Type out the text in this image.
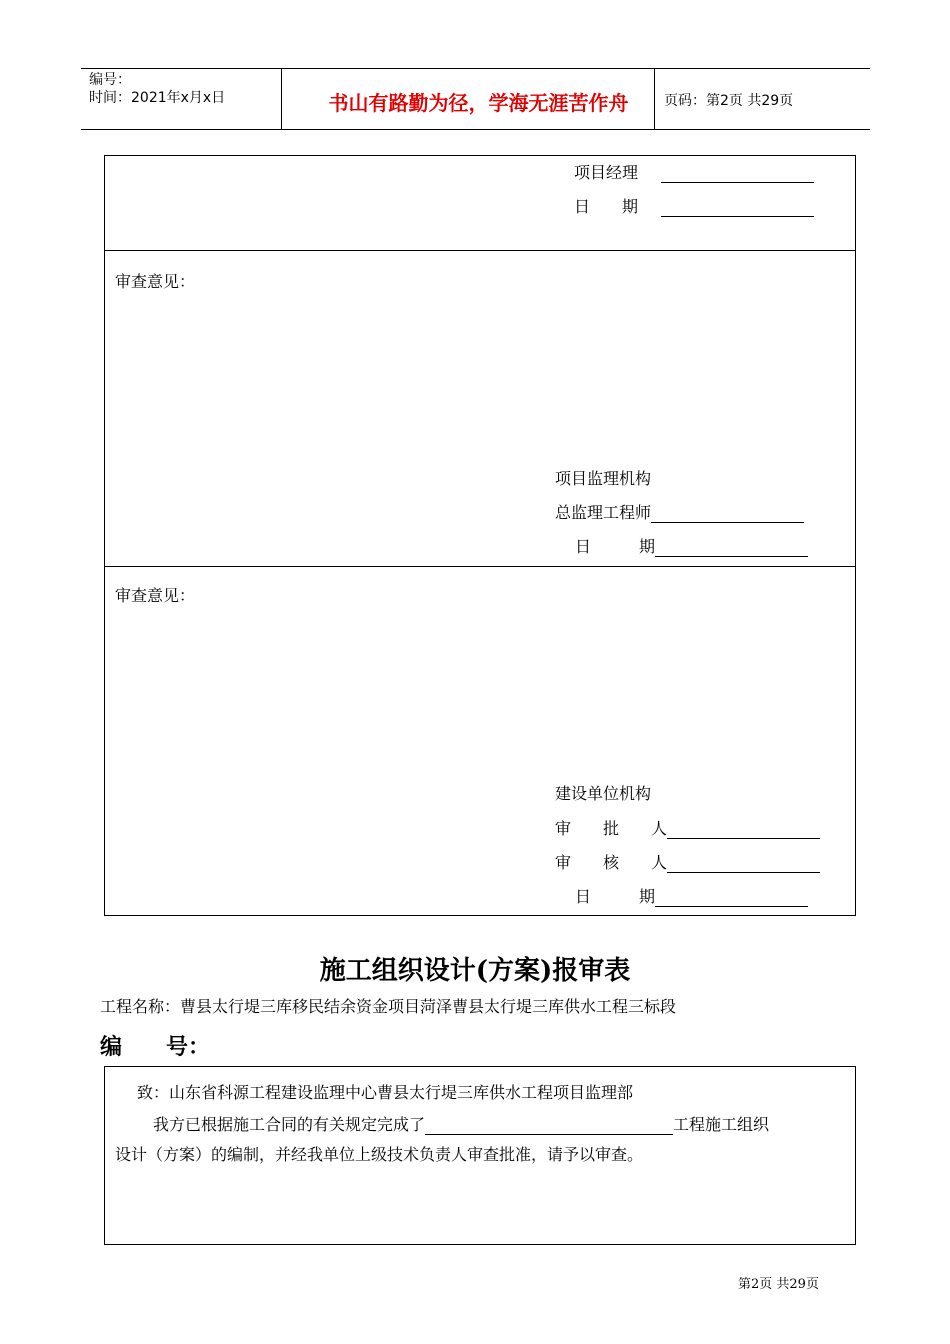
编号：
时间：2021年x月x日	书山有路勤为径，学海无涯苦作舟	页码：第2页 共29页
项目经理
日　　期
审查意见：
项目监理机构
总监理工程师
日　　　期
审查意见：
建设单位机构
审　　批　　人
审　　核　　人
日　　　期
施工组织设计(方案)报审表
工程名称：曹县太行堤三库移民结余资金项目菏泽曹县太行堤三库供水工程三标段
编　　号：
致：山东省科源工程建设监理中心曹县太行堤三库供水工程项目监理部
我方已根据施工合同的有关规定完成了	工程施工组织
设计（方案）的编制，并经我单位上级技术负责人审查批准，请予以审查。
第2页 共29页
